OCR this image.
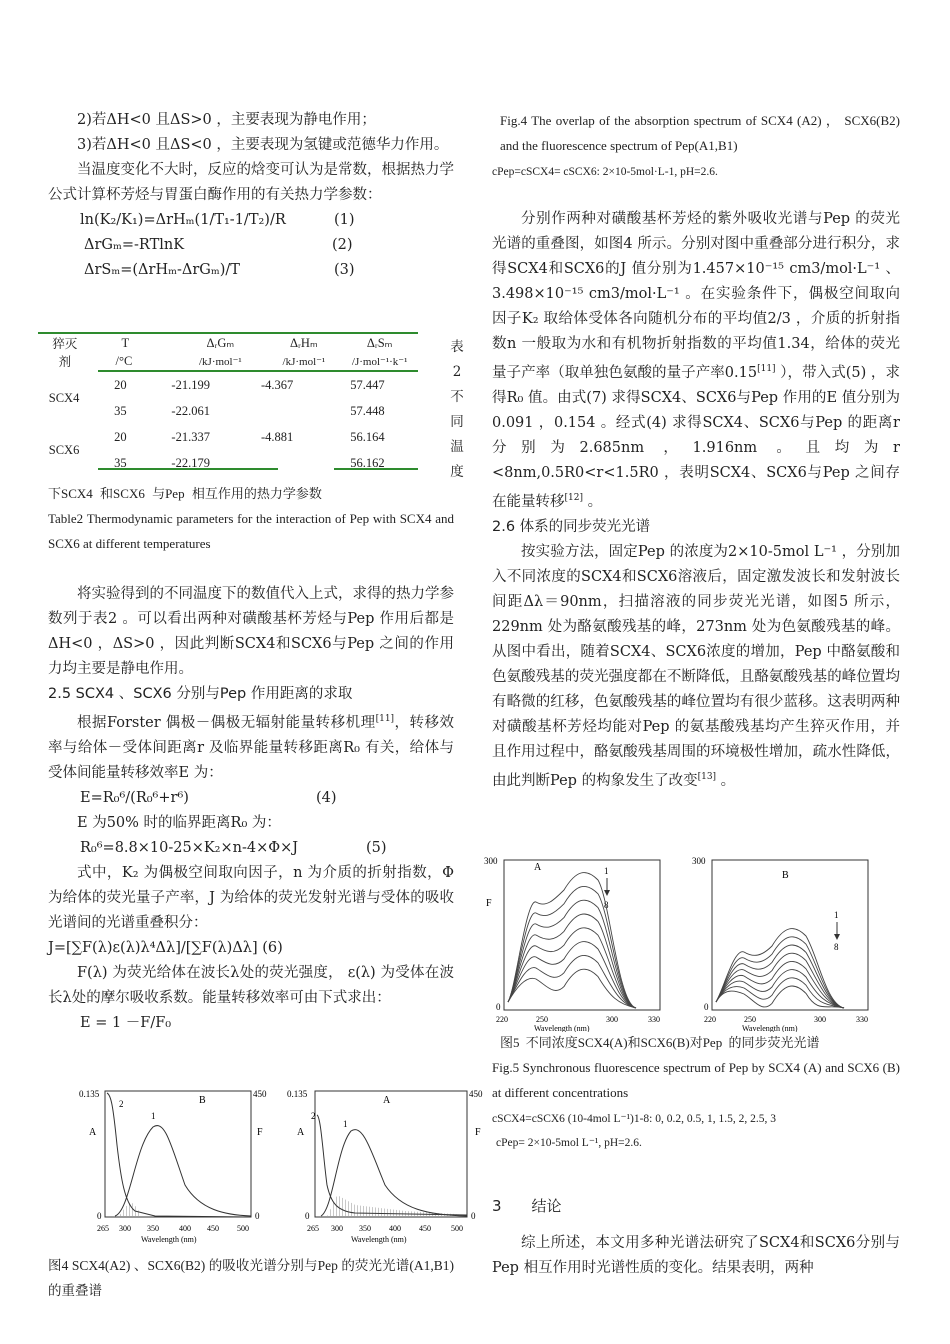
2)若ΔH<0 且ΔS>0 ，主要表现为静电作用；

3)若ΔH<0 且ΔS<0 ，主要表现为氢键或范德华力作用。

当温度变化不大时，反应的焓变可认为是常数，根据热力学公式计算杯芳烃与胃蛋白酶作用的有关热力学参数：

ln(K₂/K₁)=ΔrHₘ(1/T₁-1/T₂)/R	(1)
ΔrGₘ=-RTlnK	(2)
ΔrSₘ=(ΔrHₘ-ΔrGₘ)/T	(3)
猝灭	T	ΔᵣGₘ	ΔᵣHₘ	ΔᵣSₘ
剂	/°C	/kJ·mol⁻¹	/kJ·mol⁻¹	/J·mol⁻¹·k⁻¹
SCX4	20	-21.199	-4.367	57.447
	35	-22.061		57.448
SCX6	20	-21.337	-4.881	56.164
	35	-22.179		56.162
表
2
不
同
温
度

下SCX4 和SCX6 与Pep 相互作用的热力学参数

Table2 Thermodynamic parameters for the interaction of Pep with SCX4 and SCX6 at different temperatures

将实验得到的不同温度下的数值代入上式，求得的热力学参数列于表2 。可以看出两种对磺酸基杯芳烃与Pep 作用后都是ΔH<0 ，ΔS>0 ，因此判断SCX4和SCX6与Pep 之间的作用力均主要是静电作用。

2.5 SCX4 、SCX6 分别与Pep 作用距离的求取

根据Forster 偶极－偶极无辐射能量转移机理[11]，转移效率与给体－受体间距离r 及临界能量转移距离R₀ 有关，给体与受体间能量转移效率E 为：

E=R₀⁶/(R₀⁶+r⁶)	(4)

E 为50% 时的临界距离R₀ 为：

R₀⁶=8.8×10-25×K₂×n-4×Φ×J	(5)

式中，K₂ 为偶极空间取向因子，n 为介质的折射指数，Φ为给体的荧光量子产率，J 为给体的荧光发射光谱与受体的吸收光谱间的光谱重叠积分：

J=[∑F(λ)ε(λ)λ⁴Δλ]/[∑F(λ)Δλ] (6)

F(λ) 为荧光给体在波长λ处的荧光强度， ε(λ) 为受体在波长λ处的摩尔吸收系数。能量转移效率可由下式求出：

E = 1 －F/F₀

0.135
A
0
450
F
0
B
2
1
265 300 350	400 450 500
Wavelength (nm)
0.135
A
0
450
F
0
A
2
1
265 300 350 400 450	500
Wavelength (nm)

图4 SCX4(A2) 、SCX6(B2) 的吸收光谱分别与Pep 的荧光光谱(A1,B1)的重叠谱

Fig.4 The overlap of the absorption spectrum of SCX4 (A2) ， SCX6(B2) and the fluorescence spectrum of Pep(A1,B1)

cPep=cSCX4= cSCX6: 2×10-5mol·L-1, pH=2.6.

分别作两种对磺酸基杯芳烃的紫外吸收光谱与Pep 的荧光光谱的重叠图，如图4 所示。分别对图中重叠部分进行积分，求得SCX4和SCX6的J 值分别为1.457×10⁻¹⁵ cm3/mol·L⁻¹ 、3.498×10⁻¹⁵ cm3/mol·L⁻¹ 。在实验条件下，偶极空间取向因子K₂ 取给体受体各向随机分布的平均值2/3 ，介质的折射指数n 一般取为水和有机物折射指数的平均值1.34，给体的荧光量子产率（取单独色氨酸的量子产率0.15[11] ），带入式(5) ，求得R₀ 值。由式(7) 求得SCX4、SCX6与Pep 作用的E 值分别为0.091 ，0.154 。经式(4) 求得SCX4、SCX6与Pep 的距离r 分别为2.685nm ，1.916nm 。且均为r <8nm,0.5R0<r<1.5R0 ，表明SCX4、SCX6与Pep 之间存在能量转移[12] 。

2.6 体系的同步荧光光谱

按实验方法，固定Pep 的浓度为2×10-5mol L⁻¹ ，分别加入不同浓度的SCX4和SCX6溶液后，固定激发波长和发射波长间距Δλ＝90nm，扫描溶液的同步荧光光谱，如图5 所示，229nm 处为酪氨酸残基的峰，273nm 处为色氨酸残基的峰。从图中看出，随着SCX4、SCX6浓度的增加，Pep 中酪氨酸和色氨酸残基的荧光强度都在不断降低，且酪氨酸残基的峰位置均有略微的红移，色氨酸残基的峰位置均有很少蓝移。这表明两种对磺酸基杯芳烃均能对Pep 的氨基酸残基均产生猝灭作用，并且作用过程中，酪氨酸残基周围的环境极性增加，疏水性降低，由此判断Pep 的构象发生了改变[13] 。

300
F
0
A	1
8
220	250	300	330
Wavelength (nm)
300
0
B
1
8
220	250	300	330
Wavelength (nm)

图5 不同浓度SCX4(A)和SCX6(B)对Pep 的同步荧光光谱

Fig.5 Synchronous fluorescence spectrum of Pep by SCX4 (A) and SCX6 (B) at different concentrations

cSCX4=cSCX6 (10-4mol L⁻¹)1-8: 0, 0.2, 0.5, 1, 1.5, 2, 2.5, 3

cPep= 2×10-5mol L⁻¹, pH=2.6.

3 结论

综上所述，本文用多种光谱法研究了SCX4和SCX6分别与Pep 相互作用时光谱性质的变化。结果表明，两种
